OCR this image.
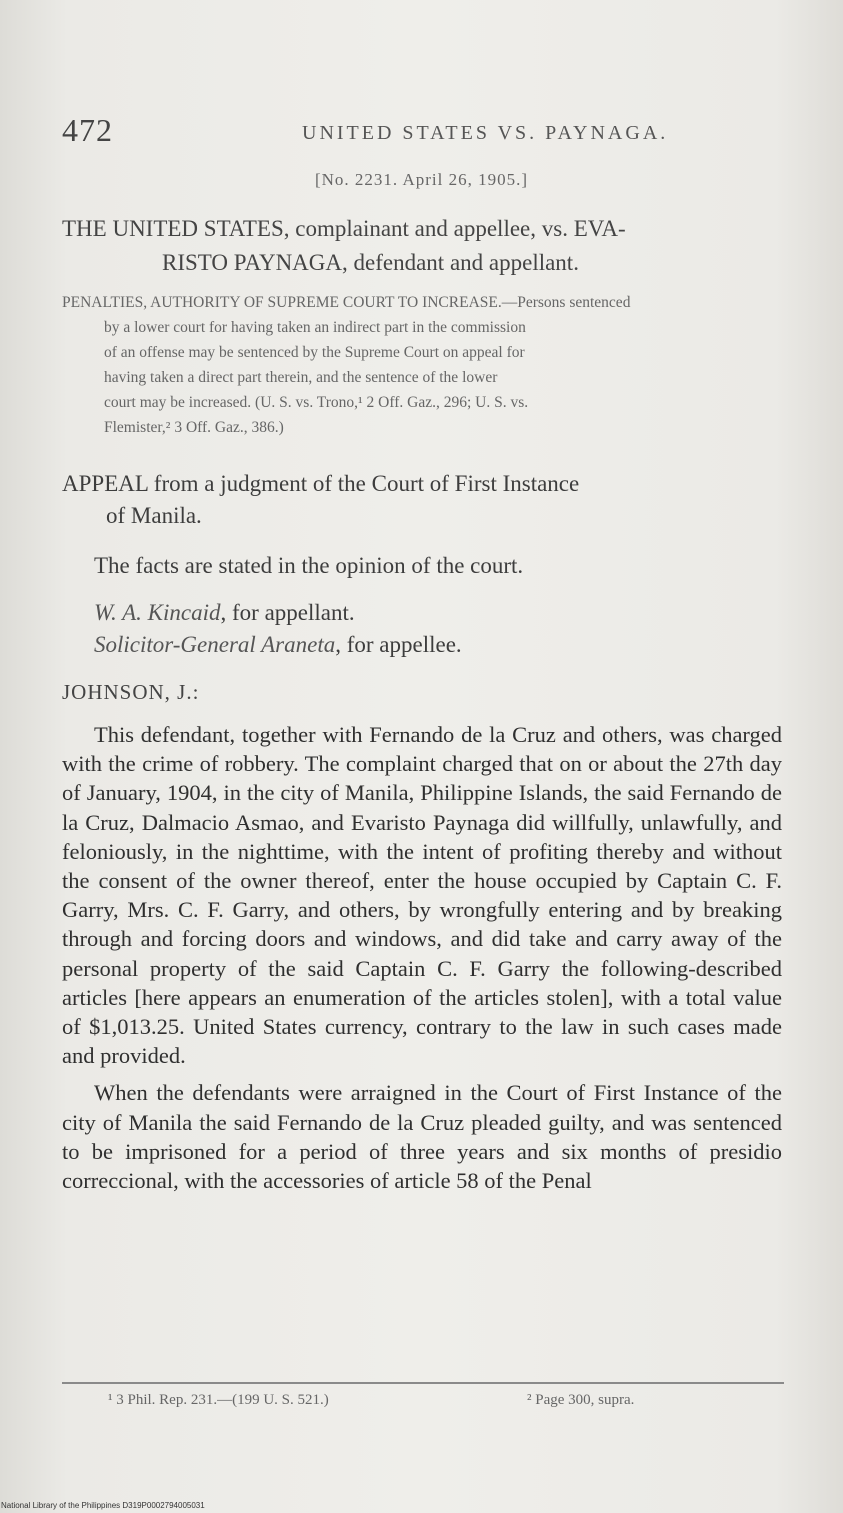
472	UNITED STATES VS. PAYNAGA.
[No. 2231. April 26, 1905.]
THE UNITED STATES, complainant and appellee, vs. EVA-
RISTO PAYNAGA, defendant and appellant.
PENALTIES, AUTHORITY OF SUPREME COURT TO INCREASE.—Persons sentenced
by a lower court for having taken an indirect part in the commission
of an offense may be sentenced by the Supreme Court on appeal for
having taken a direct part therein, and the sentence of the lower
court may be increased. (U. S. vs. Trono,¹ 2 Off. Gaz., 296; U. S. vs.
Flemister,² 3 Off. Gaz., 386.)
APPEAL from a judgment of the Court of First Instance
of Manila.
The facts are stated in the opinion of the court.
W. A. Kincaid, for appellant.
Solicitor-General Araneta, for appellee.
JOHNSON, J.:

This defendant, together with Fernando de la Cruz and others, was charged with the crime of robbery. The complaint charged that on or about the 27th day of January, 1904, in the city of Manila, Philippine Islands, the said Fernando de la Cruz, Dalmacio Asmao, and Evaristo Paynaga did willfully, unlawfully, and feloniously, in the nighttime, with the intent of profiting thereby and without the consent of the owner thereof, enter the house occupied by Captain C. F. Garry, Mrs. C. F. Garry, and others, by wrongfully entering and by breaking through and forcing doors and windows, and did take and carry away of the personal property of the said Captain C. F. Garry the following-described articles [here appears an enumeration of the articles stolen], with a total value of $1,013.25. United States currency, contrary to the law in such cases made and provided.

When the defendants were arraigned in the Court of First Instance of the city of Manila the said Fernando de la Cruz pleaded guilty, and was sentenced to be imprisoned for a period of three years and six months of presidio correccional, with the accessories of article 58 of the Penal

¹ 3 Phil. Rep. 231.—(199 U. S. 521.)	² Page 300, supra.
National Library of the Philippines D319P0002794005031
